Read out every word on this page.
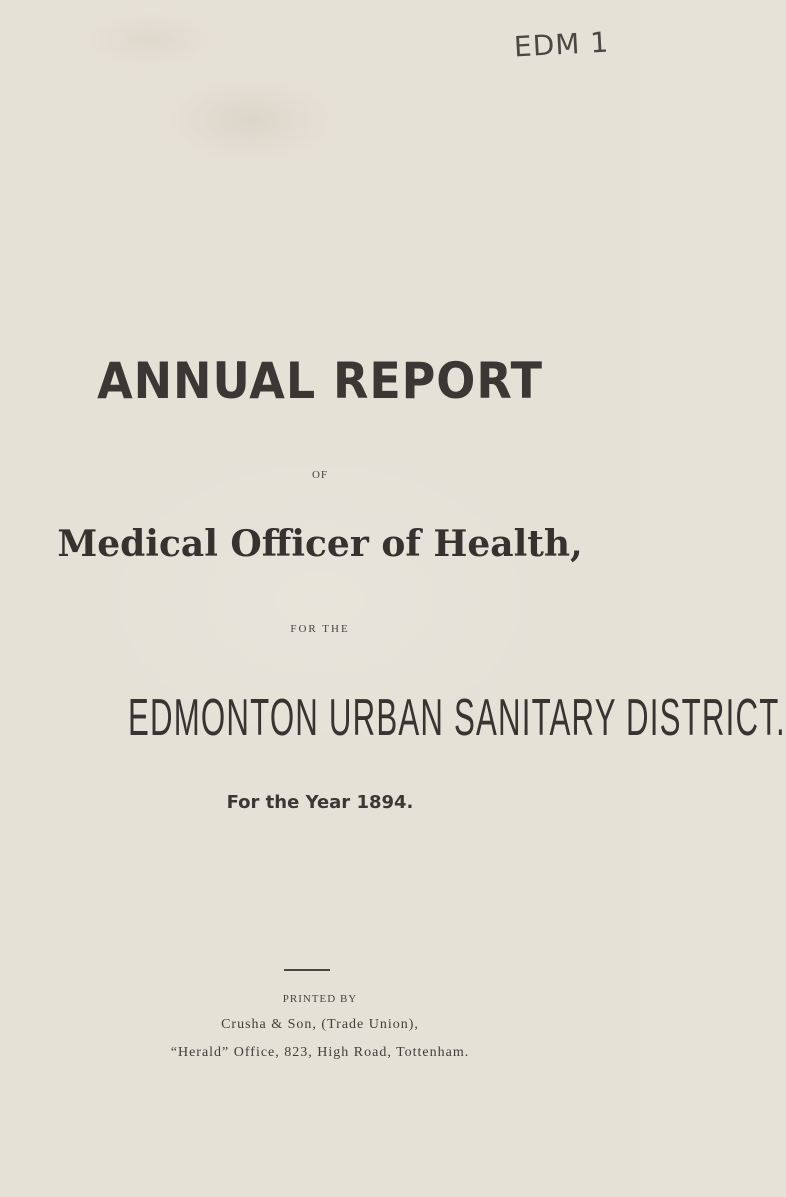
EDM 1
ANNUAL REPORT
OF
Medical Officer of Health,
FOR THE
EDMONTON URBAN SANITARY DISTRICT.
For the Year 1894.
PRINTED BY
Crusha & Son, (Trade Union),
“Herald” Office, 823, High Road, Tottenham.
